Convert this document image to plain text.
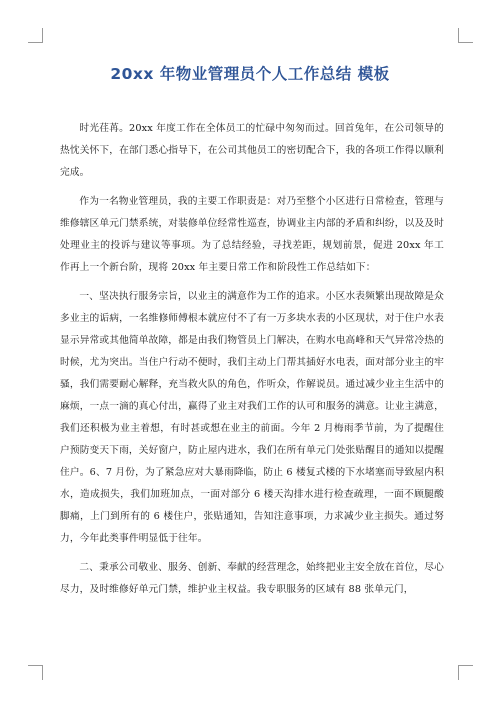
20xx 年物业管理员个人工作总结 模板

时光荏苒。20xx 年度工作在全体员工的忙碌中匆匆而过。回首兔年，在公司领导的热忱关怀下，在部门悉心指导下，在公司其他员工的密切配合下，我的各项工作得以顺利完成。

作为一名物业管理员，我的主要工作职责是：对乃至整个小区进行日常检查，管理与维修辖区单元门禁系统，对装修单位经常性巡查，协调业主内部的矛盾和纠纷，以及及时处理业主的投诉与建议等事项。为了总结经验，寻找差距，规划前景，促进 20xx 年工作再上一个新台阶，现将 20xx 年主要日常工作和阶段性工作总结如下：

一、坚决执行服务宗旨，以业主的满意作为工作的追求。小区水表频繁出现故障是众多业主的诟病，一名维修师傅根本就应付不了有一万多块水表的小区现状，对于住户水表显示异常或其他简单故障，都是由我们物管员上门解决，在购水电高峰和天气异常冷热的时候，尤为突出。当住户行动不便时，我们主动上门帮其插好水电表，面对部分业主的牢骚，我们需要耐心解释，充当救火队的角色，作听众，作解说员。通过减少业主生活中的麻烦，一点一滴的真心付出，赢得了业主对我们工作的认可和服务的满意。让业主满意，我们还积极为业主着想，有时甚或想在业主的前面。今年 2 月梅雨季节前，为了提醒住户预防变天下雨，关好窗户，防止屋内进水，我们在所有单元门处张贴醒目的通知以提醒住户。6、7 月份，为了紧急应对大暴雨降临，防止 6 楼复式楼的下水堵塞而导致屋内积水，造成损失，我们加班加点，一面对部分 6 楼天沟排水进行检查疏理，一面不顾腿酸脚痛，上门到所有的 6 楼住户，张贴通知，告知注意事项，力求减少业主损失。通过努力，今年此类事件明显低于往年。

二、秉承公司敬业、服务、创新、奉献的经营理念，始终把业主安全放在首位，尽心尽力，及时维修好单元门禁，维护业主权益。我专职服务的区域有 88 张单元门，
